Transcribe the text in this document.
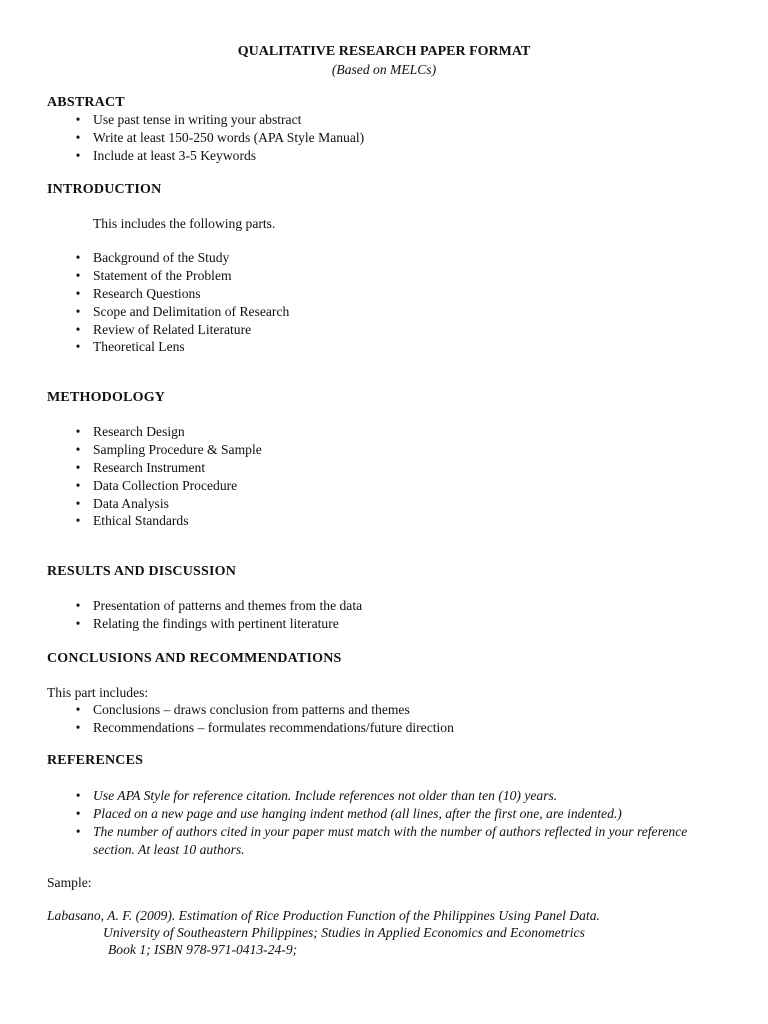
QUALITATIVE RESEARCH PAPER FORMAT
(Based on MELCs)
ABSTRACT
• Use past tense in writing your abstract
• Write at least 150-250 words (APA Style Manual)
• Include at least 3-5 Keywords
INTRODUCTION
This includes the following parts.
• Background of the Study
• Statement of the Problem
• Research Questions
• Scope and Delimitation of Research
• Review of Related Literature
• Theoretical Lens
METHODOLOGY
• Research Design
• Sampling Procedure & Sample
• Research Instrument
• Data Collection Procedure
• Data Analysis
• Ethical Standards
RESULTS AND DISCUSSION
• Presentation of patterns and themes from the data
• Relating the findings with pertinent literature
CONCLUSIONS AND RECOMMENDATIONS
This part includes:
• Conclusions – draws conclusion from patterns and themes
• Recommendations – formulates recommendations/future direction
REFERENCES
• Use APA Style for reference citation. Include references not older than ten (10) years.
• Placed on a new page and use hanging indent method (all lines, after the first one, are indented.)
• The number of authors cited in your paper must match with the number of authors reflected in your reference section. At least 10 authors.
Sample:
Labasano, A. F. (2009). Estimation of Rice Production Function of the Philippines Using Panel Data.
University of Southeastern Philippines; Studies in Applied Economics and Econometrics
Book 1; ISBN 978-971-0413-24-9;
